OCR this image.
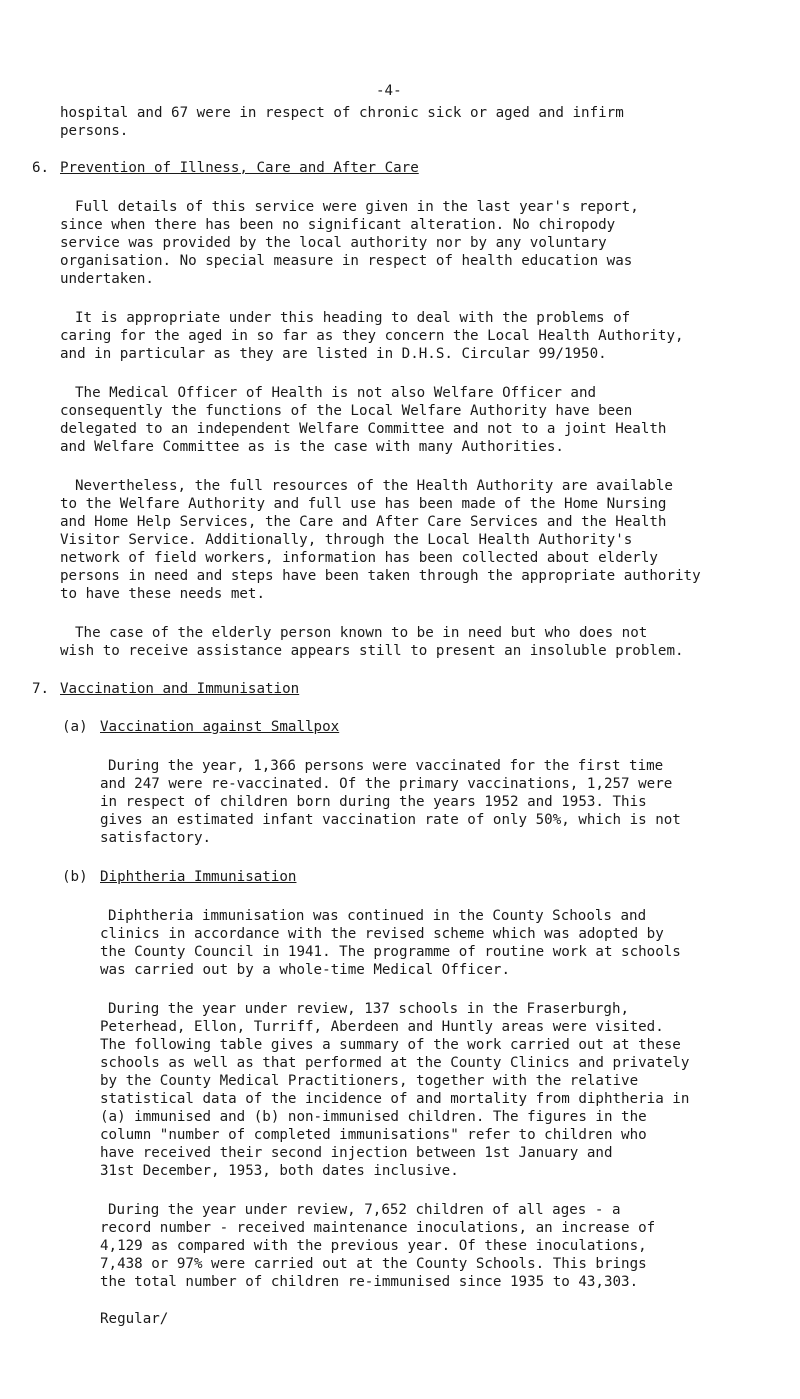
-4-
hospital and 67 were in respect of chronic sick or aged and infirm
persons.
6. Prevention of Illness, Care and After Care
Full details of this service were given in the last year's report,
since when there has been no significant alteration. No chiropody
service was provided by the local authority nor by any voluntary
organisation. No special measure in respect of health education was
undertaken.
It is appropriate under this heading to deal with the problems of
caring for the aged in so far as they concern the Local Health Authority,
and in particular as they are listed in D.H.S. Circular 99/1950.
The Medical Officer of Health is not also Welfare Officer and
consequently the functions of the Local Welfare Authority have been
delegated to an independent Welfare Committee and not to a joint Health
and Welfare Committee as is the case with many Authorities.
Nevertheless, the full resources of the Health Authority are available
to the Welfare Authority and full use has been made of the Home Nursing
and Home Help Services, the Care and After Care Services and the Health
Visitor Service. Additionally, through the Local Health Authority's
network of field workers, information has been collected about elderly
persons in need and steps have been taken through the appropriate authority
to have these needs met.
The case of the elderly person known to be in need but who does not
wish to receive assistance appears still to present an insoluble problem.
7. Vaccination and Immunisation
(a) Vaccination against Smallpox
During the year, 1,366 persons were vaccinated for the first time
and 247 were re-vaccinated. Of the primary vaccinations, 1,257 were
in respect of children born during the years 1952 and 1953. This
gives an estimated infant vaccination rate of only 50%, which is not
satisfactory.
(b) Diphtheria Immunisation
Diphtheria immunisation was continued in the County Schools and
clinics in accordance with the revised scheme which was adopted by
the County Council in 1941. The programme of routine work at schools
was carried out by a whole-time Medical Officer.
During the year under review, 137 schools in the Fraserburgh,
Peterhead, Ellon, Turriff, Aberdeen and Huntly areas were visited.
The following table gives a summary of the work carried out at these
schools as well as that performed at the County Clinics and privately
by the County Medical Practitioners, together with the relative
statistical data of the incidence of and mortality from diphtheria in
(a) immunised and (b) non-immunised children. The figures in the
column "number of completed immunisations" refer to children who
have received their second injection between 1st January and
31st December, 1953, both dates inclusive.
During the year under review, 7,652 children of all ages - a
record number - received maintenance inoculations, an increase of
4,129 as compared with the previous year. Of these inoculations,
7,438 or 97% were carried out at the County Schools. This brings
the total number of children re-immunised since 1935 to 43,303.
Regular/
